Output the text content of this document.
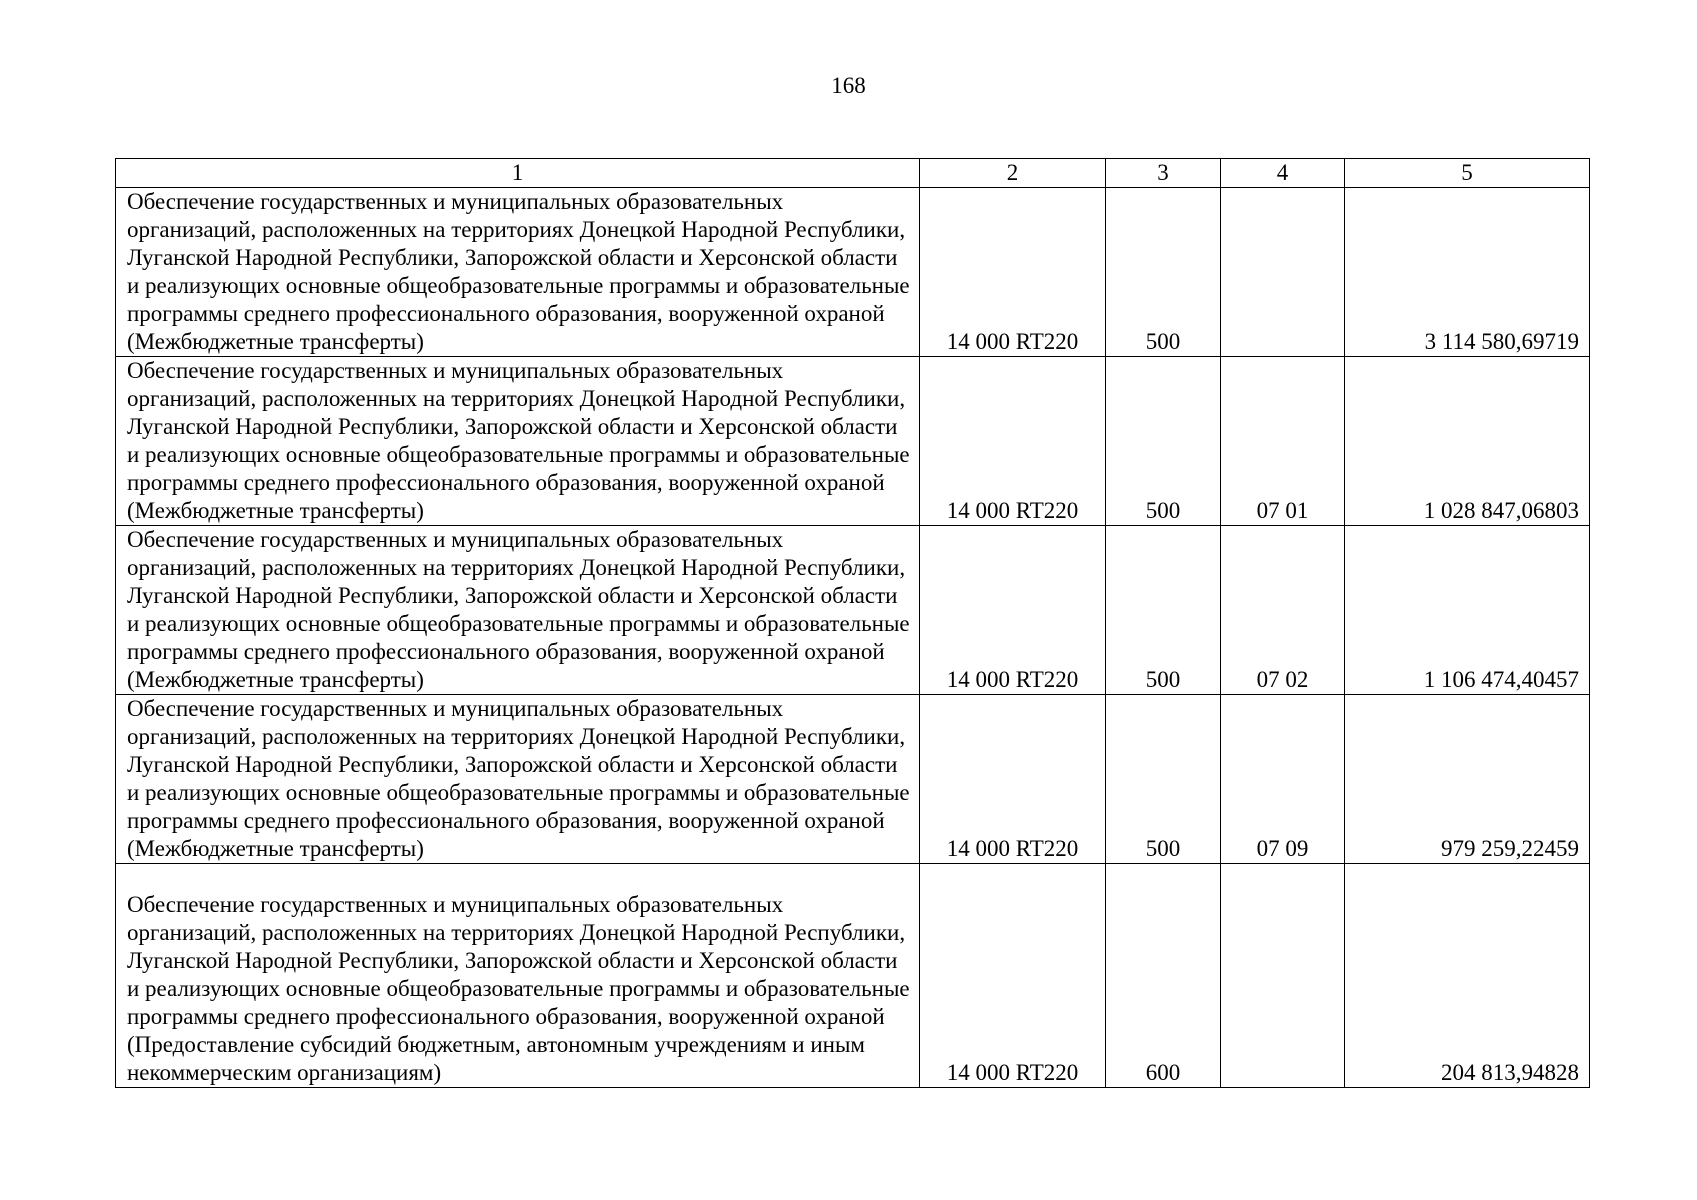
168
1	2	3	4	5
Обеспечение государственных и муниципальных образовательных организаций, расположенных на территориях Донецкой Народной Республики, Луганской Народной Республики, Запорожской области и Херсонской области и реализующих основные общеобразовательные программы и образовательные программы среднего профессионального образования, вооруженной охраной (Межбюджетные трансферты)	14 000 RT220	500		3 114 580,69719
Обеспечение государственных и муниципальных образовательных организаций, расположенных на территориях Донецкой Народной Республики, Луганской Народной Республики, Запорожской области и Херсонской области и реализующих основные общеобразовательные программы и образовательные программы среднего профессионального образования, вооруженной охраной (Межбюджетные трансферты)	14 000 RT220	500	07 01	1 028 847,06803
Обеспечение государственных и муниципальных образовательных организаций, расположенных на территориях Донецкой Народной Республики, Луганской Народной Республики, Запорожской области и Херсонской области и реализующих основные общеобразовательные программы и образовательные программы среднего профессионального образования, вооруженной охраной (Межбюджетные трансферты)	14 000 RT220	500	07 02	1 106 474,40457
Обеспечение государственных и муниципальных образовательных организаций, расположенных на территориях Донецкой Народной Республики, Луганской Народной Республики, Запорожской области и Херсонской области и реализующих основные общеобразовательные программы и образовательные программы среднего профессионального образования, вооруженной охраной (Межбюджетные трансферты)	14 000 RT220	500	07 09	979 259,22459
Обеспечение государственных и муниципальных образовательных организаций, расположенных на территориях Донецкой Народной Республики, Луганской Народной Республики, Запорожской области и Херсонской области и реализующих основные общеобразовательные программы и образовательные программы среднего профессионального образования, вооруженной охраной (Предоставление субсидий бюджетным, автономным учреждениям и иным некоммерческим организациям)	14 000 RT220	600		204 813,94828
